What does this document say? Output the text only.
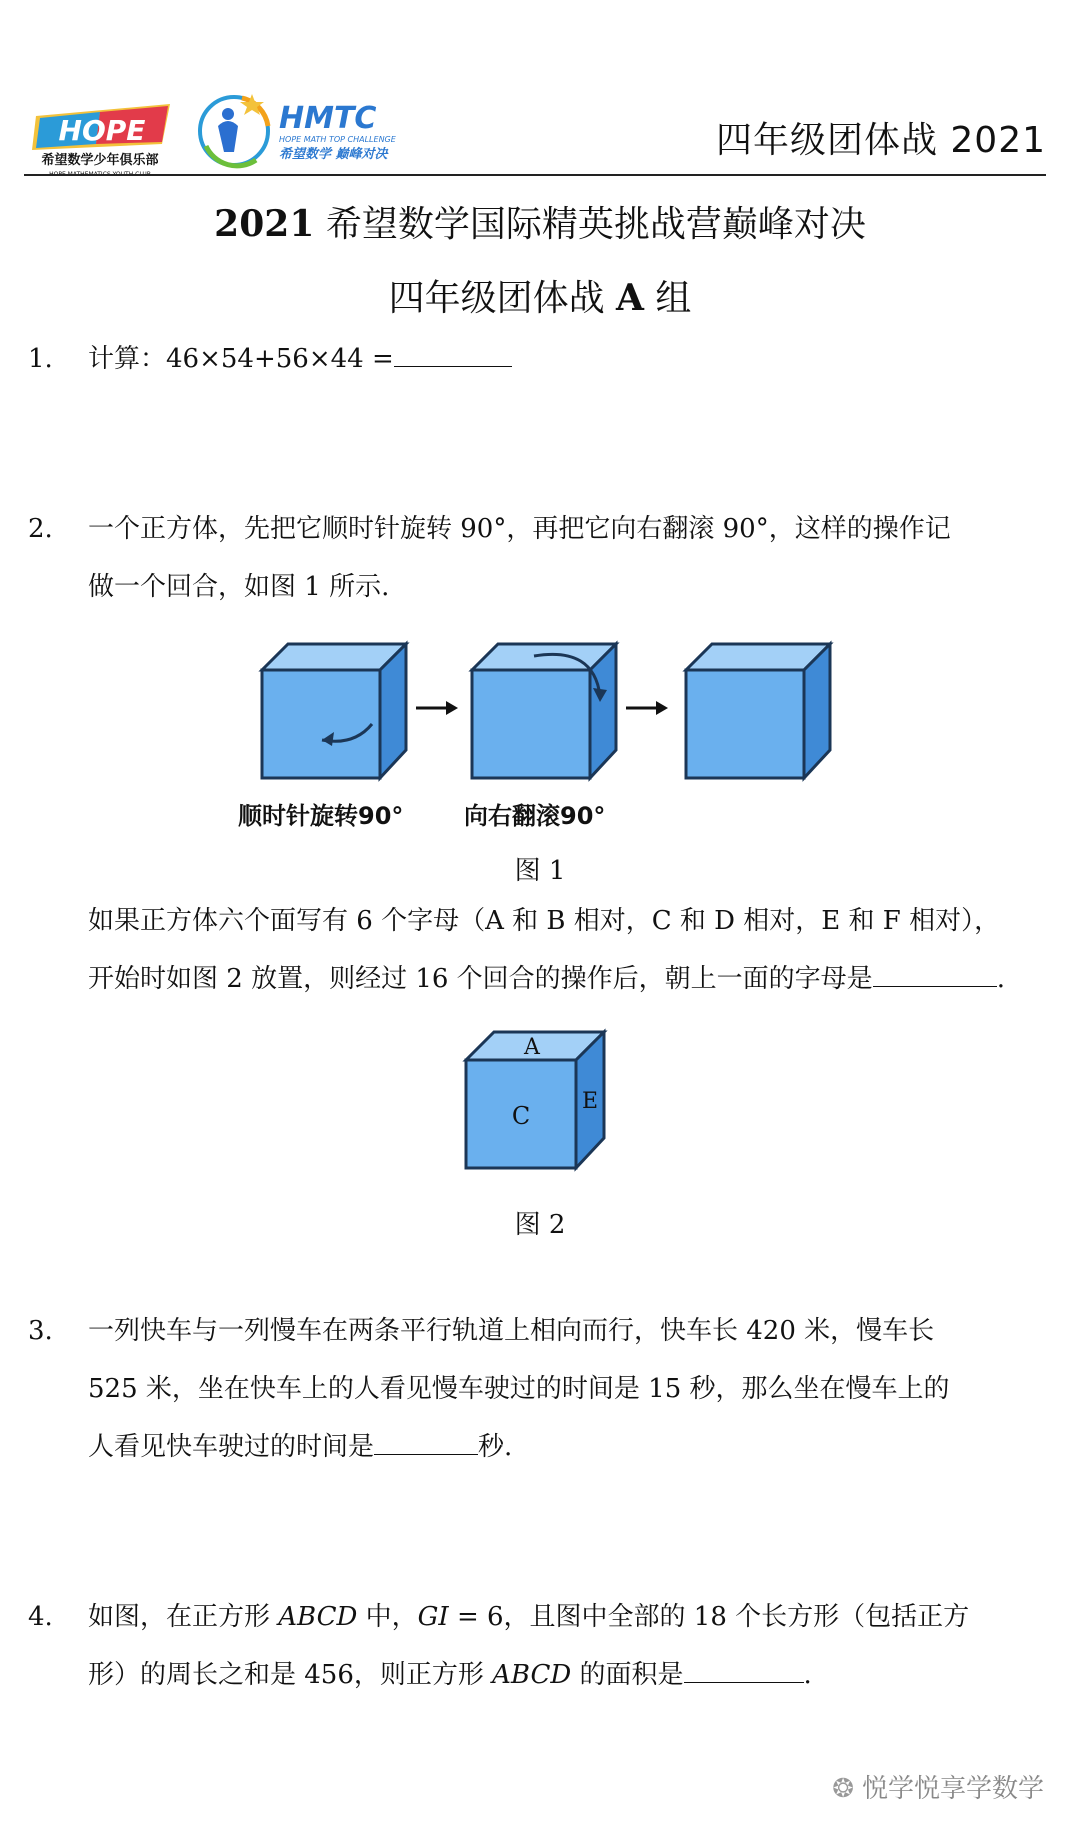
HOPE
希望数学少年俱乐部
HMTC
HOPE MATH TOP CHALLENGE
希望数学 巅峰对决	四年级团体战 2021
2021 希望数学国际精英挑战营巅峰对决
四年级团体战 A 组
1. 计算：46×54+56×44 =
2. 一个正方体，先把它顺时针旋转 90°，再把它向右翻滚 90°，这样的操作记
做一个回合，如图 1 所示.
顺时针旋转90°	向右翻滚90°
图 1
如果正方体六个面写有 6 个字母（A 和 B 相对，C 和 D 相对，E 和 F 相对），
开始时如图 2 放置，则经过 16 个回合的操作后，朝上一面的字母是	.
A
C
E
图 2
3. 一列快车与一列慢车在两条平行轨道上相向而行，快车长 420 米，慢车长
525 米，坐在快车上的人看见慢车驶过的时间是 15 秒，那么坐在慢车上的
人看见快车驶过的时间是	秒.
4. 如图，在正方形 ABCD 中，GI = 6，且图中全部的 18 个长方形（包括正方
形）的周长之和是 456，则正方形 ABCD 的面积是	.
❂ 悦学悦享学数学
